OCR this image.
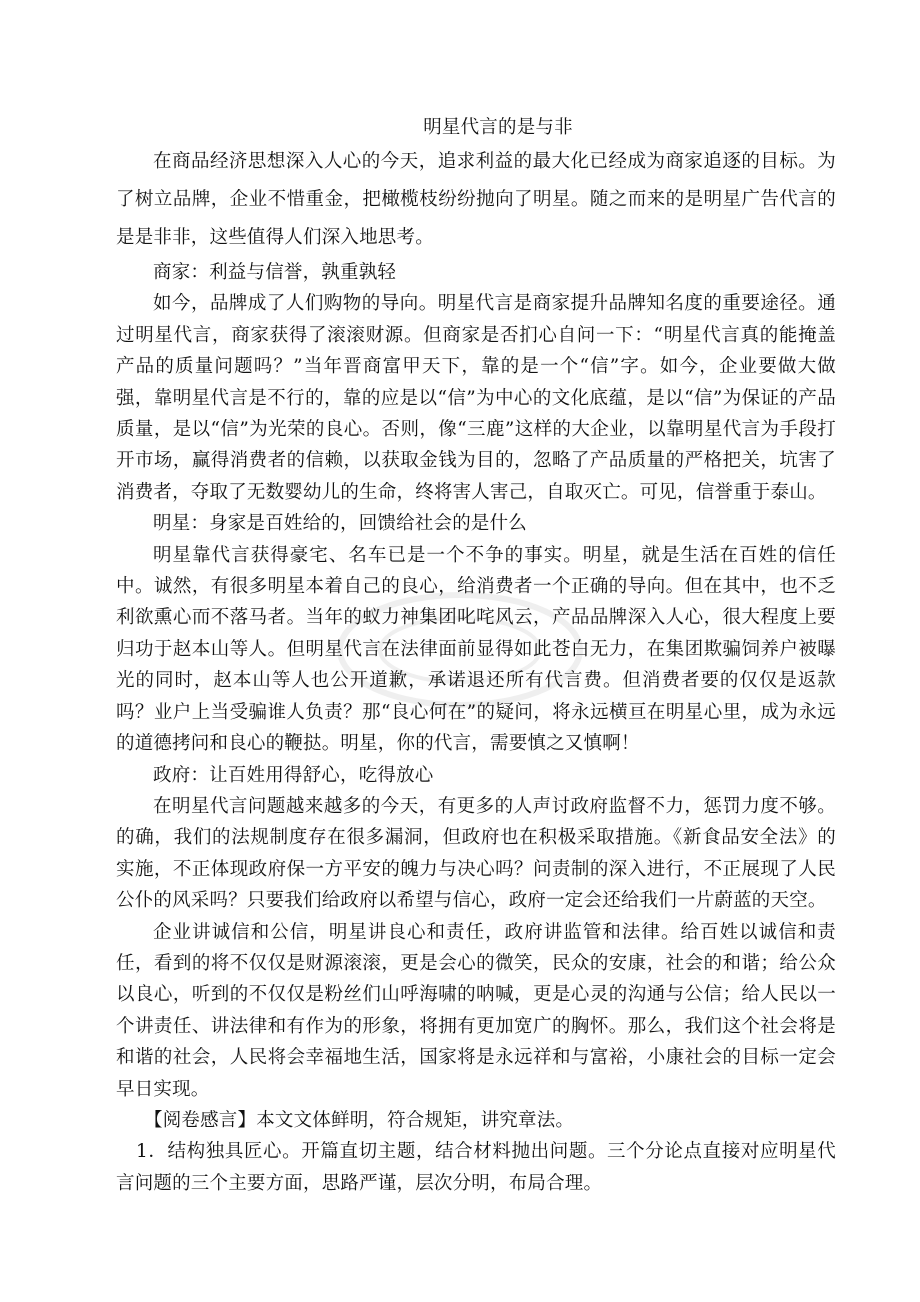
明星代言的是与非

在商品经济思想深入人心的今天，追求利益的最大化已经成为商家追逐的目标。为了树立品牌，企业不惜重金，把橄榄枝纷纷抛向了明星。随之而来的是明星广告代言的是是非非，这些值得人们深入地思考。

商家：利益与信誉，孰重孰轻

如今，品牌成了人们购物的导向。明星代言是商家提升品牌知名度的重要途径。通过明星代言，商家获得了滚滚财源。但商家是否扪心自问一下：“明星代言真的能掩盖产品的质量问题吗？”当年晋商富甲天下，靠的是一个“信”字。如今，企业要做大做强，靠明星代言是不行的，靠的应是以“信”为中心的文化底蕴，是以“信”为保证的产品质量，是以“信”为光荣的良心。否则，像“三鹿”这样的大企业，以靠明星代言为手段打开市场，赢得消费者的信赖，以获取金钱为目的，忽略了产品质量的严格把关，坑害了消费者，夺取了无数婴幼儿的生命，终将害人害己，自取灭亡。可见，信誉重于泰山。

明星：身家是百姓给的，回馈给社会的是什么

明星靠代言获得豪宅、名车已是一个不争的事实。明星，就是生活在百姓的信任中。诚然，有很多明星本着自己的良心，给消费者一个正确的导向。但在其中，也不乏利欲熏心而不落马者。当年的蚁力神集团叱咤风云，产品品牌深入人心，很大程度上要归功于赵本山等人。但明星代言在法律面前显得如此苍白无力，在集团欺骗饲养户被曝光的同时，赵本山等人也公开道歉，承诺退还所有代言费。但消费者要的仅仅是返款吗？业户上当受骗谁人负责？那“良心何在”的疑问，将永远横亘在明星心里，成为永远的道德拷问和良心的鞭挞。明星，你的代言，需要慎之又慎啊！

政府：让百姓用得舒心，吃得放心

在明星代言问题越来越多的今天，有更多的人声讨政府监督不力，惩罚力度不够。的确，我们的法规制度存在很多漏洞，但政府也在积极采取措施。《新食品安全法》的实施，不正体现政府保一方平安的魄力与决心吗？问责制的深入进行，不正展现了人民公仆的风采吗？只要我们给政府以希望与信心，政府一定会还给我们一片蔚蓝的天空。

企业讲诚信和公信，明星讲良心和责任，政府讲监管和法律。给百姓以诚信和责任，看到的将不仅仅是财源滚滚，更是会心的微笑，民众的安康，社会的和谐；给公众以良心，听到的不仅仅是粉丝们山呼海啸的呐喊，更是心灵的沟通与公信；给人民以一个讲责任、讲法律和有作为的形象，将拥有更加宽广的胸怀。那么，我们这个社会将是和谐的社会，人民将会幸福地生活，国家将是永远祥和与富裕，小康社会的目标一定会早日实现。

【阅卷感言】本文文体鲜明，符合规矩，讲究章法。

1．结构独具匠心。开篇直切主题，结合材料抛出问题。三个分论点直接对应明星代言问题的三个主要方面，思路严谨，层次分明，布局合理。
